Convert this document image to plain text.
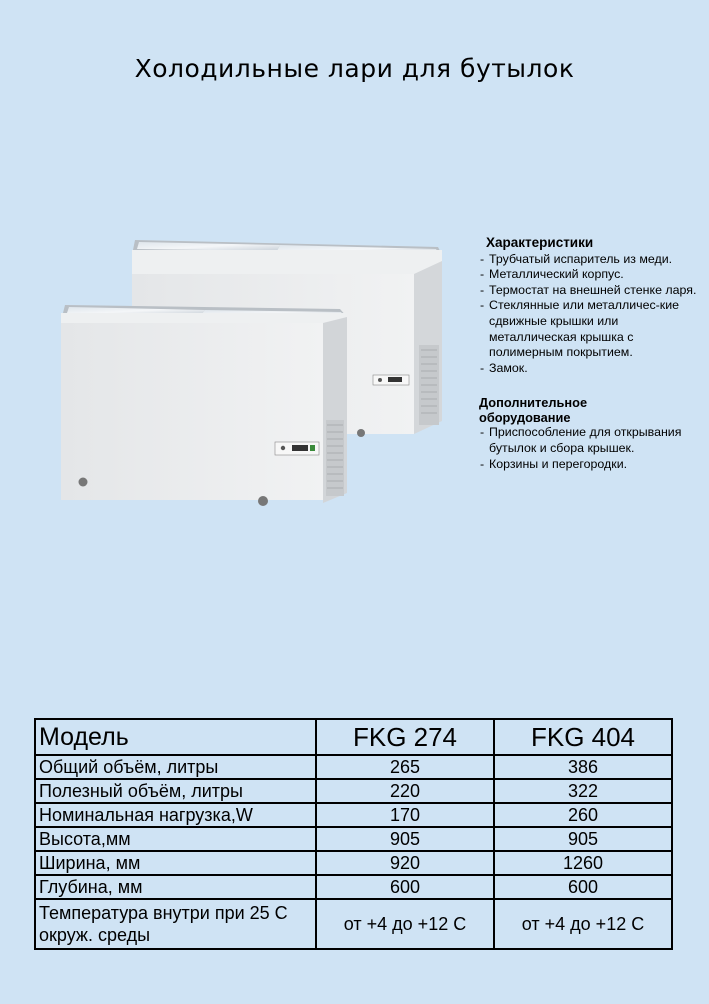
Холодильные лари для бутылок
Характеристики
- Трубчатый испаритель из меди.
- Металлический корпус.
- Термостат на внешней стенке ларя.
- Стеклянные или металличес-кие сдвижные крышки или металлическая крышка с полимерным покрытием.
- Замок.
Дополнительное оборудование
- Приспособление для открывания бутылок и сбора крышек.
- Корзины и перегородки.
Модель	FKG 274	FKG 404
Общий объём, литры	265	386
Полезный объём, литры	220	322
Номинальная нагрузка,W	170	260
Высота,мм	905	905
Ширина, мм	920	1260
Глубина, мм	600	600
Температура внутри при 25 С окруж. среды	от +4 до +12 С	от +4 до +12 С
